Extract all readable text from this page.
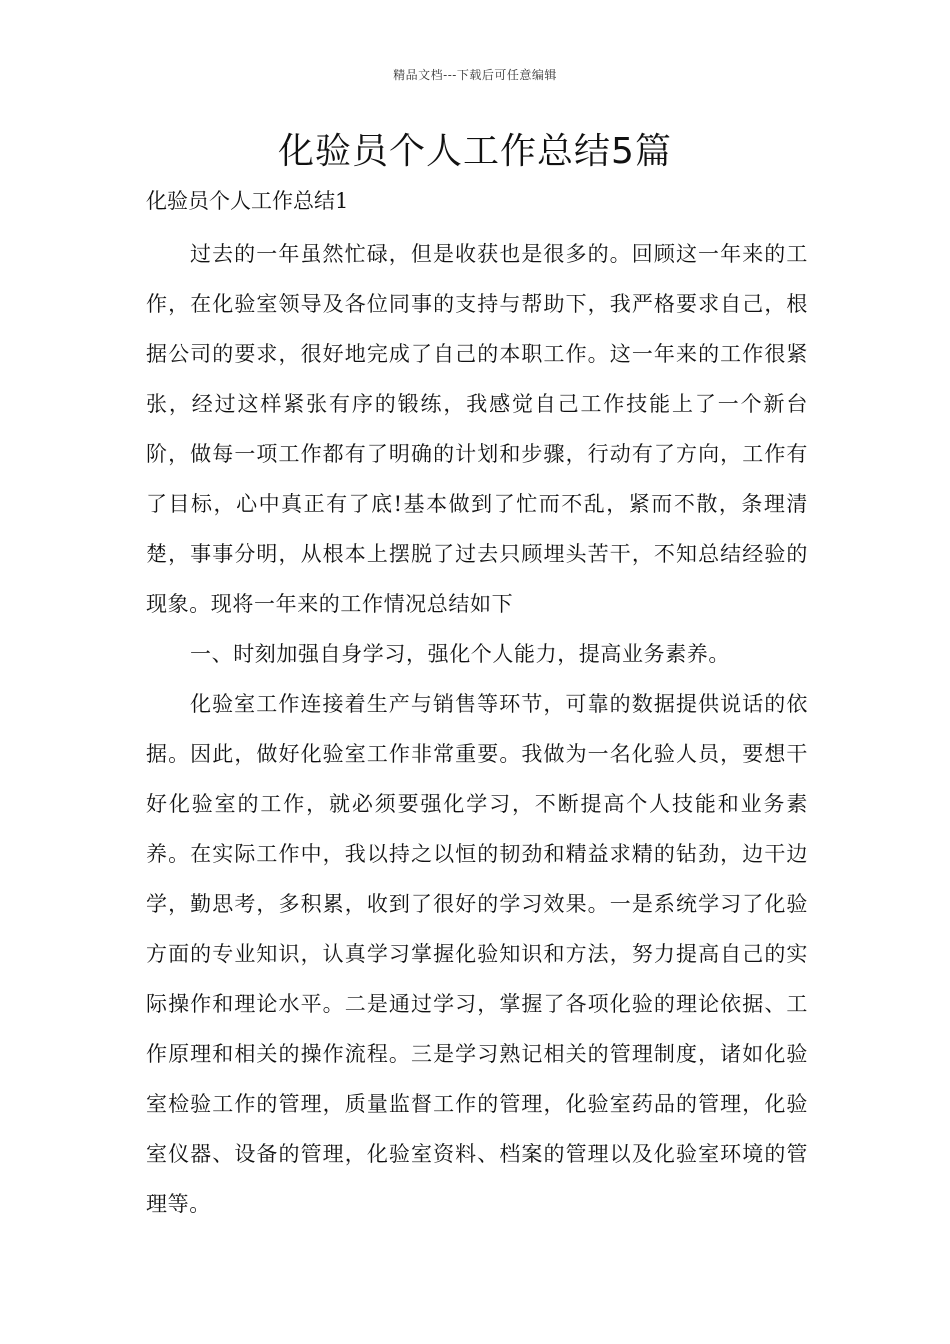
精品文档---下载后可任意编辑
化验员个人工作总结5篇

化验员个人工作总结1

过去的一年虽然忙碌，但是收获也是很多的。回顾这一年来的工作，在化验室领导及各位同事的支持与帮助下，我严格要求自己，根据公司的要求，很好地完成了自己的本职工作。这一年来的工作很紧张，经过这样紧张有序的锻练，我感觉自己工作技能上了一个新台阶，做每一项工作都有了明确的计划和步骤，行动有了方向，工作有了目标，心中真正有了底!基本做到了忙而不乱，紧而不散，条理清楚，事事分明，从根本上摆脱了过去只顾埋头苦干，不知总结经验的现象。现将一年来的工作情况总结如下

一、时刻加强自身学习，强化个人能力，提高业务素养。

化验室工作连接着生产与销售等环节，可靠的数据提供说话的依据。因此，做好化验室工作非常重要。我做为一名化验人员，要想干好化验室的工作，就必须要强化学习，不断提高个人技能和业务素养。在实际工作中，我以持之以恒的韧劲和精益求精的钻劲，边干边学，勤思考，多积累，收到了很好的学习效果。一是系统学习了化验方面的专业知识，认真学习掌握化验知识和方法，努力提高自己的实际操作和理论水平。二是通过学习，掌握了各项化验的理论依据、工作原理和相关的操作流程。三是学习熟记相关的管理制度，诸如化验室检验工作的管理，质量监督工作的管理，化验室药品的管理，化验室仪器、设备的管理，化验室资料、档案的管理以及化验室环境的管理等。
